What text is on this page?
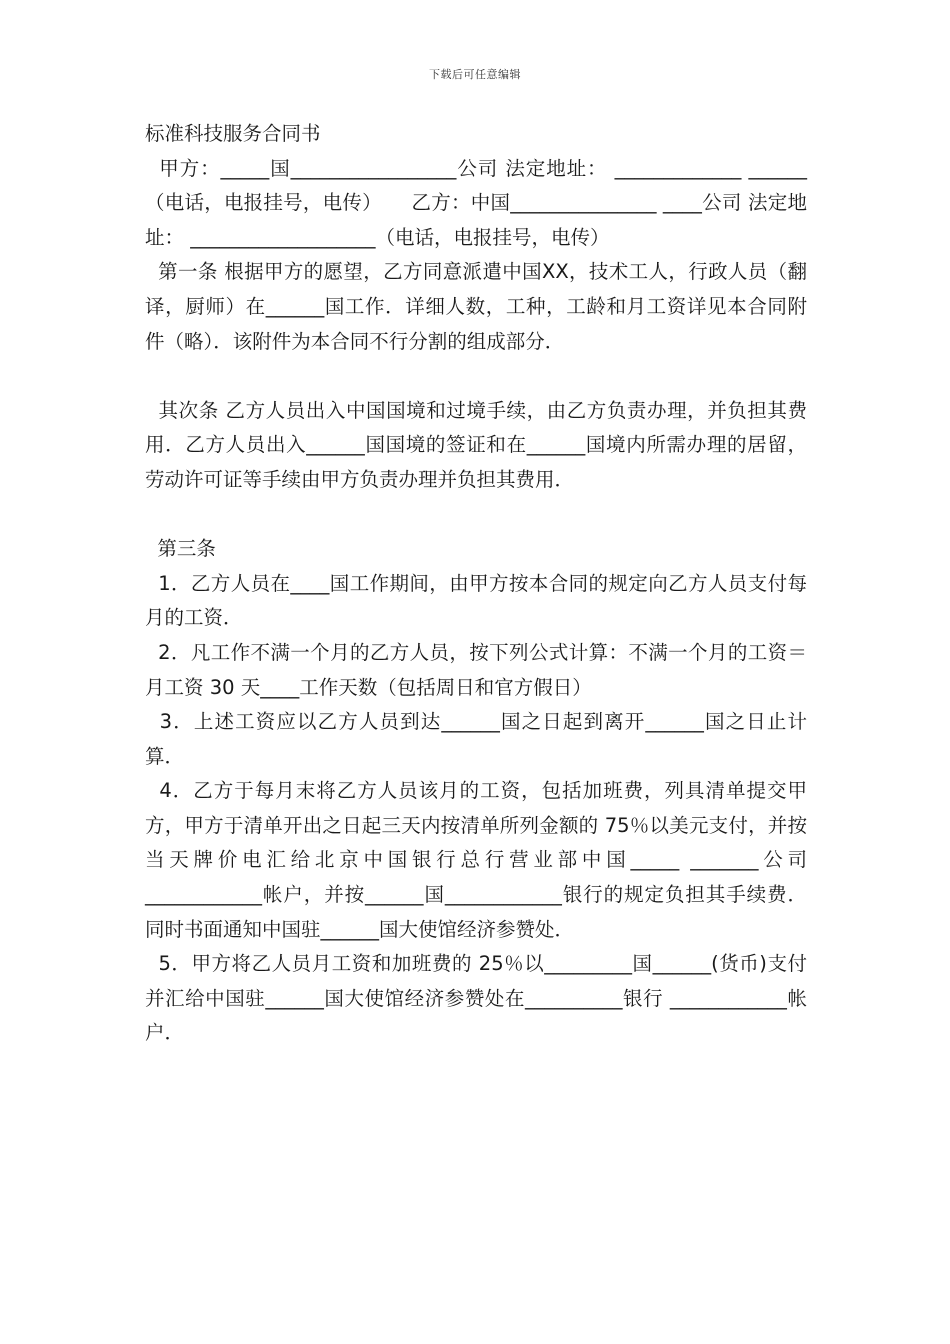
下载后可任意编辑

标准科技服务合同书

甲方：_____国_________________公司 法定地址： _____________ ______（电话，电报挂号，电传）　　乙方：中国_______________ ____公司 法定地址： ___________________（电话，电报挂号，电传）

第一条 根据甲方的愿望，乙方同意派遣中国XX，技术工人，行政人员（翻译，厨师）在______国工作．详细人数，工种，工龄和月工资详见本合同附件（略）．该附件为本合同不行分割的组成部分．

其次条 乙方人员出入中国国境和过境手续，由乙方负责办理，并负担其费用．乙方人员出入______国国境的签证和在______国境内所需办理的居留，劳动许可证等手续由甲方负责办理并负担其费用．

第三条

1．乙方人员在____国工作期间，由甲方按本合同的规定向乙方人员支付每月的工资．

2．凡工作不满一个月的乙方人员，按下列公式计算：不满一个月的工资＝月工资 30 天____工作天数（包括周日和官方假日）

3．上述工资应以乙方人员到达______国之日起到离开______国之日止计算．

4．乙方于每月末将乙方人员该月的工资，包括加班费，列具清单提交甲方，甲方于清单开出之日起三天内按清单所列金额的 75％以美元支付，并按当天牌价电汇给北京中国银行总行营业部中国_____ _______公司____________帐户，并按______国____________银行的规定负担其手续费．同时书面通知中国驻______国大使馆经济参赞处．

5．甲方将乙人员月工资和加班费的 25％以_________国______(货币)支付并汇给中国驻______国大使馆经济参赞处在__________银行 ____________帐户．
